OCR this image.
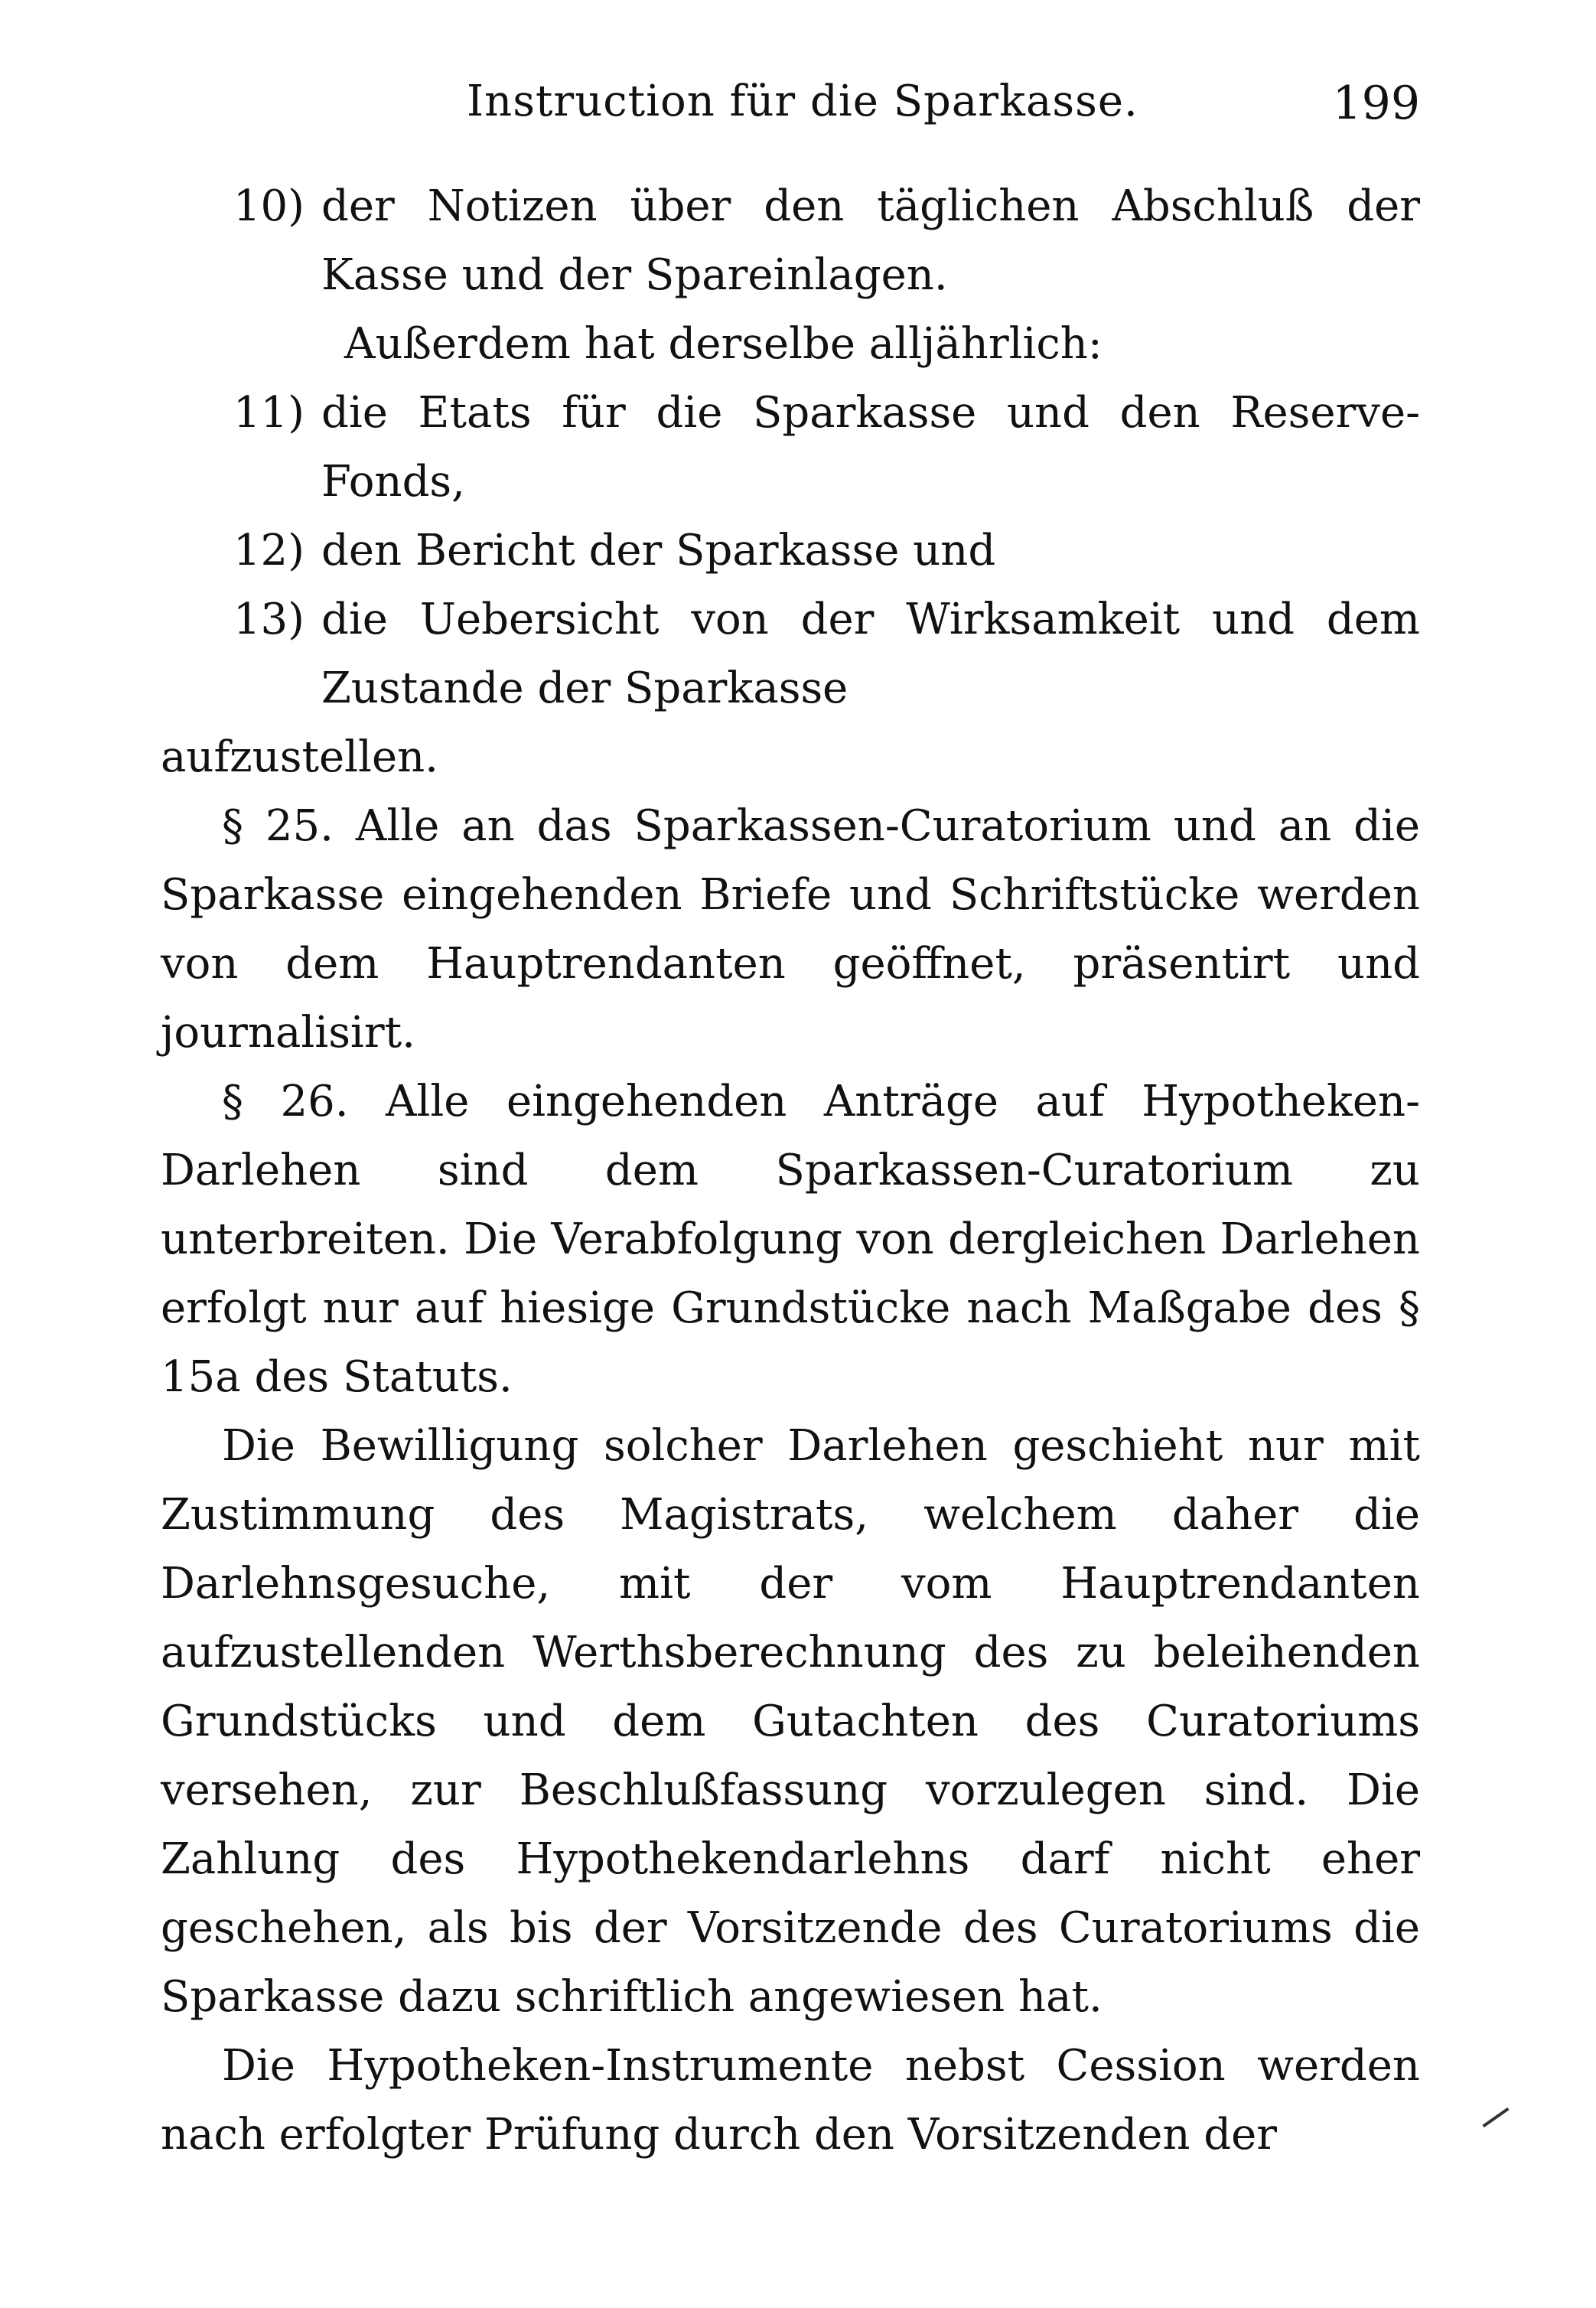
Instruction für die Sparkasse.	199
10) der Notizen über den täglichen Abschluß der Kasse und der Spareinlagen.
Außerdem hat derselbe alljährlich:
11) die Etats für die Sparkasse und den Reserve-Fonds,
12) den Bericht der Sparkasse und
13) die Uebersicht von der Wirksamkeit und dem Zustande der Sparkasse
aufzustellen.
§ 25. Alle an das Sparkassen-Curatorium und an die Sparkasse eingehenden Briefe und Schriftstücke werden von dem Hauptrendanten geöffnet, präsentirt und journalisirt.
§ 26. Alle eingehenden Anträge auf Hypotheken-Darlehen sind dem Sparkassen-Curatorium zu unterbreiten. Die Verabfolgung von dergleichen Darlehen erfolgt nur auf hiesige Grundstücke nach Maßgabe des § 15a des Statuts.
Die Bewilligung solcher Darlehen geschieht nur mit Zustimmung des Magistrats, welchem daher die Darlehnsgesuche, mit der vom Hauptrendanten aufzustellenden Werthsberechnung des zu beleihenden Grundstücks und dem Gutachten des Curatoriums versehen, zur Beschlußfassung vorzulegen sind. Die Zahlung des Hypothekendarlehns darf nicht eher geschehen, als bis der Vorsitzende des Curatoriums die Sparkasse dazu schriftlich angewiesen hat.
Die Hypotheken-Instrumente nebst Cession werden nach erfolgter Prüfung durch den Vorsitzenden der
